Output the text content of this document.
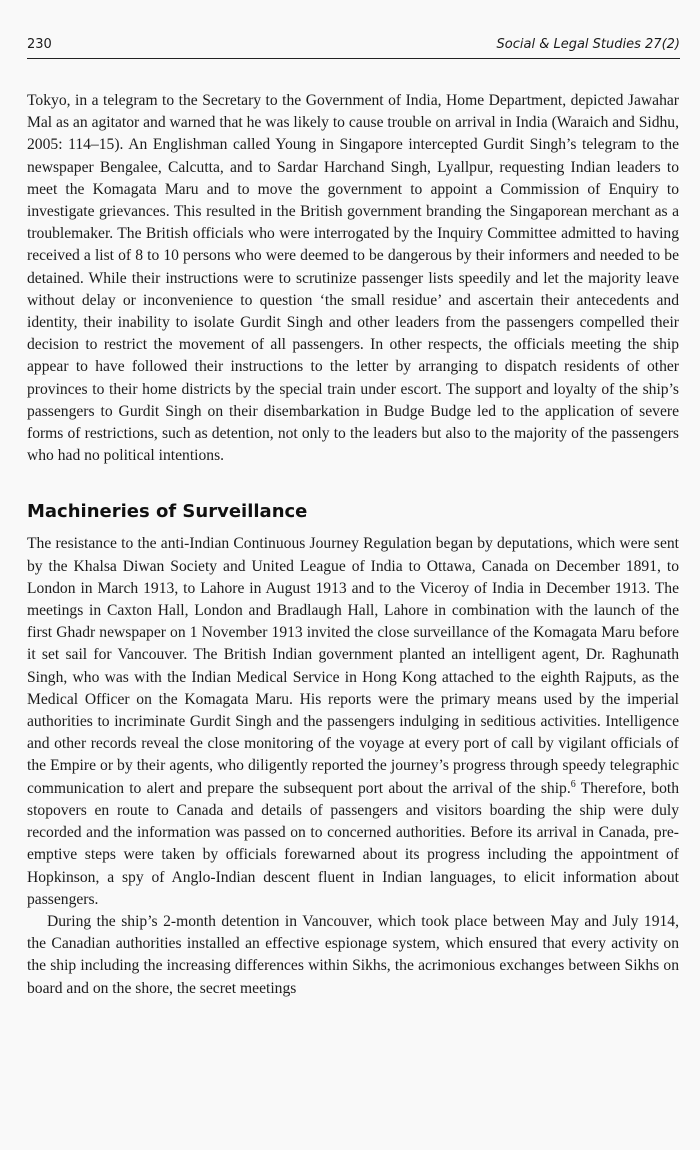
230	Social & Legal Studies 27(2)

Tokyo, in a telegram to the Secretary to the Government of India, Home Department, depicted Jawahar Mal as an agitator and warned that he was likely to cause trouble on arrival in India (Waraich and Sidhu, 2005: 114–15). An Englishman called Young in Singapore intercepted Gurdit Singh’s telegram to the newspaper Bengalee, Calcutta, and to Sardar Harchand Singh, Lyallpur, requesting Indian leaders to meet the Komagata Maru and to move the government to appoint a Commission of Enquiry to investigate grievances. This resulted in the British government branding the Singaporean merchant as a troublemaker. The British officials who were interrogated by the Inquiry Committee admitted to having received a list of 8 to 10 persons who were deemed to be dangerous by their informers and needed to be detained. While their instructions were to scrutinize passenger lists speedily and let the majority leave without delay or inconvenience to question ‘the small residue’ and ascertain their antecedents and identity, their inability to isolate Gurdit Singh and other leaders from the passengers compelled their decision to restrict the movement of all passengers. In other respects, the officials meeting the ship appear to have followed their instructions to the letter by arranging to dispatch residents of other provinces to their home districts by the special train under escort. The support and loyalty of the ship’s passengers to Gurdit Singh on their disembarkation in Budge Budge led to the application of severe forms of restrictions, such as detention, not only to the leaders but also to the majority of the passengers who had no political intentions.

Machineries of Surveillance

The resistance to the anti-Indian Continuous Journey Regulation began by deputations, which were sent by the Khalsa Diwan Society and United League of India to Ottawa, Canada on December 1891, to London in March 1913, to Lahore in August 1913 and to the Viceroy of India in December 1913. The meetings in Caxton Hall, London and Bradlaugh Hall, Lahore in combination with the launch of the first Ghadr newspaper on 1 November 1913 invited the close surveillance of the Komagata Maru before it set sail for Vancouver. The British Indian government planted an intelligent agent, Dr. Raghunath Singh, who was with the Indian Medical Service in Hong Kong attached to the eighth Rajputs, as the Medical Officer on the Komagata Maru. His reports were the primary means used by the imperial authorities to incriminate Gurdit Singh and the passengers indulging in seditious activities. Intelligence and other records reveal the close monitoring of the voyage at every port of call by vigilant officials of the Empire or by their agents, who diligently reported the journey’s progress through speedy telegraphic communication to alert and prepare the subsequent port about the arrival of the ship.$^6$ Therefore, both stopovers en route to Canada and details of passengers and visitors boarding the ship were duly recorded and the information was passed on to concerned authorities. Before its arrival in Canada, pre-emptive steps were taken by officials forewarned about its progress including the appointment of Hopkinson, a spy of Anglo-Indian descent fluent in Indian languages, to elicit information about passengers.

During the ship’s 2-month detention in Vancouver, which took place between May and July 1914, the Canadian authorities installed an effective espionage system, which ensured that every activity on the ship including the increasing differences within Sikhs, the acrimonious exchanges between Sikhs on board and on the shore, the secret meetings
